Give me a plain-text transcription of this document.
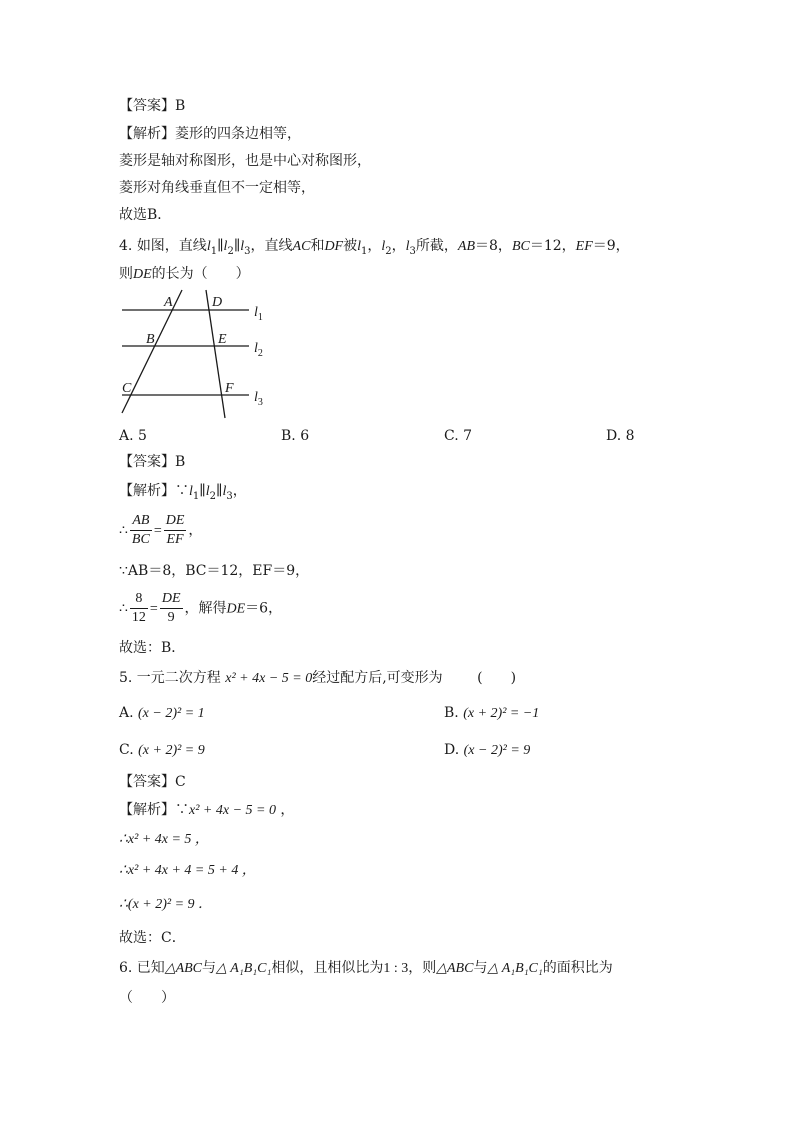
【答案】B
【解析】菱形的四条边相等，
菱形是轴对称图形，也是中心对称图形，
菱形对角线垂直但不一定相等，
故选B．
4. 如图，直线$l_1\parallel l_2\parallel l_3$，直线AC和DF被$l_1$，$l_2$，$l_3$所截，AB＝8，BC＝12，EF＝9，
则DE的长为（　　）
A	D
B	E
C	F
$l_1$
$l_2$
$l_3$
A. 5	B. 6	C. 7	D. 8
【答案】B
【解析】$\because l_1\parallel l_2\parallel l_3$，
∴ $\frac{AB}{BC} = \frac{DE}{EF}$ ，
∵AB＝8，BC＝12，EF＝9，
∴ $\frac{8}{12} = \frac{DE}{9}$ ，解得DE＝6，
故选：B．
5. 一元二次方程 x² + 4x − 5 = 0经过配方后,可变形为 (　　)
A. (x − 2)² = 1	B. (x + 2)² = −1
C. (x + 2)² = 9	D. (x − 2)² = 9
【答案】C
【解析】∵x² + 4x − 5 = 0 ，
∴x² + 4x = 5 ，
∴x² + 4x + 4 = 5 + 4 ，
∴(x + 2)² = 9 ．
故选：C．
6. 已知△ABC与△ A₁B₁C₁相似，且相似比为1 : 3，则△ABC与△ A₁B₁C₁的面积比为
（　　）
